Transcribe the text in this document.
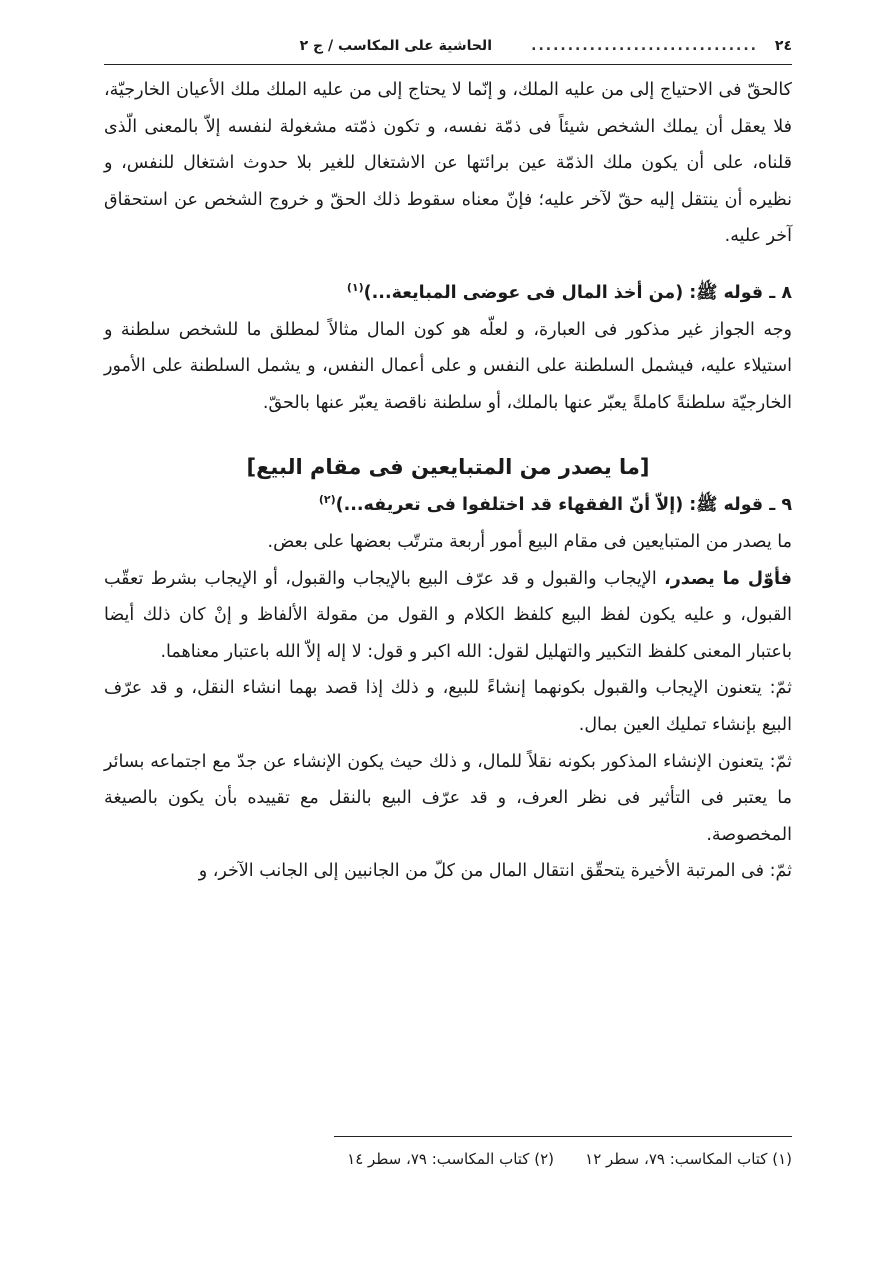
٢٤
...............................
الحاشية على المكاسب / ج ٢

كالحقّ فى الاحتياج إلى من عليه الملك، و إنّما لا يحتاج إلى من عليه الملك ملك الأعيان الخارجيّة، فلا يعقل أن يملك الشخص شيئاً فى ذمّة نفسه، و تكون ذمّته مشغولة لنفسه إلاّ بالمعنى الّذى قلناه، على أن يكون ملك الذمّة عين برائتها عن الاشتغال للغير بلا حدوث اشتغال للنفس، و نظيره أن ينتقل إليه حقّ لآخر عليه؛ فإنّ معناه سقوط ذلك الحقّ و خروج الشخص عن استحقاق آخر عليه.

٨ ـ قوله ﷺ: (من أخذ المال فى عوضى المبايعة...)$^{(١)}$

وجه الجواز غير مذكور فى العبارة، و لعلّه هو كون المال مثالاً لمطلق ما للشخص سلطنة و استيلاء عليه، فيشمل السلطنة على النفس و على أعمال النفس، و يشمل السلطنة على الأمور الخارجيّة سلطنةً كاملةً يعبّر عنها بالملك، أو سلطنة ناقصة يعبّر عنها بالحقّ.

[ما يصدر من المتبايعين فى مقام البيع]

٩ ـ قوله ﷺ: (إلاّ أنّ الفقهاء قد اختلفوا فى تعريفه...)$^{(٢)}$

ما يصدر من المتبايعين فى مقام البيع أمور أربعة مترتّب بعضها على بعض.

فأوّل ما يصدر، الإيجاب والقبول و قد عرّف البيع بالإيجاب والقبول، أو الإيجاب بشرط تعقّب القبول، و عليه يكون لفظ البيع كلفظ الكلام و القول من مقولة الألفاظ و إنْ كان ذلك أيضا باعتبار المعنى كلفظ التكبير والتهليل لقول: الله اكبر و قول: لا إله إلاّ الله باعتبار معناهما.

ثمّ: يتعنون الإيجاب والقبول بكونهما إنشاءً للبيع، و ذلك إذا قصد بهما انشاء النقل، و قد عرّف البيع بإنشاء تمليك العين بمال.

ثمّ: يتعنون الإنشاء المذكور بكونه نقلاً للمال، و ذلك حيث يكون الإنشاء عن جدّ مع اجتماعه بسائر ما يعتبر فى التأثير فى نظر العرف، و قد عرّف البيع بالنقل مع تقييده بأن يكون بالصيغة المخصوصة.

ثمّ: فى المرتبة الأخيرة يتحقّق انتقال المال من كلّ من الجانبين إلى الجانب الآخر، و

(١) كتاب المكاسب: ٧٩، سطر ١٢
(٢) كتاب المكاسب: ٧٩، سطر ١٤
